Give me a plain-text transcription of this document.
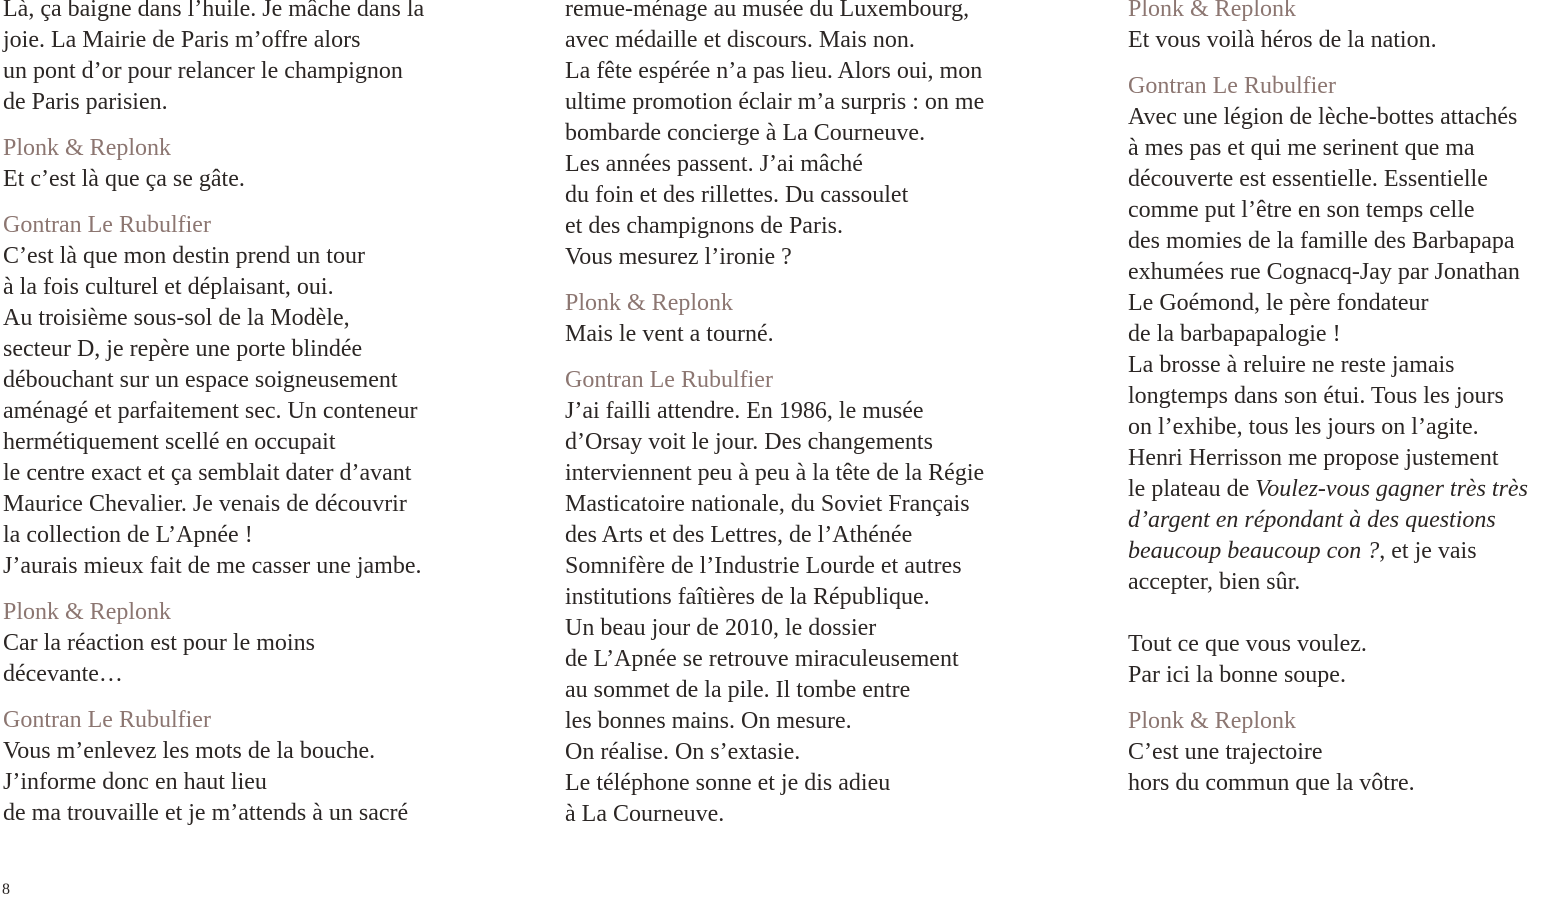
Là, ça baigne dans l’huile. Je mâche dans la
joie. La Mairie de Paris m’offre alors
un pont d’or pour relancer le champignon
de Paris parisien.
Plonk & Replonk
Et c’est là que ça se gâte.
Gontran Le Rubulfier
C’est là que mon destin prend un tour
à la fois culturel et déplaisant, oui.
Au troisième sous-sol de la Modèle,
secteur D, je repère une porte blindée
débouchant sur un espace soigneusement
aménagé et parfaitement sec. Un conteneur
hermétiquement scellé en occupait
le centre exact et ça semblait dater d’avant
Maurice Chevalier. Je venais de découvrir
la collection de L’Apnée !
J’aurais mieux fait de me casser une jambe.
Plonk & Replonk
Car la réaction est pour le moins
décevante…
Gontran Le Rubulfier
Vous m’enlevez les mots de la bouche.
J’informe donc en haut lieu
de ma trouvaille et je m’attends à un sacré
remue-ménage au musée du Luxembourg,
avec médaille et discours. Mais non.
La fête espérée n’a pas lieu. Alors oui, mon
ultime promotion éclair m’a surpris : on me
bombarde concierge à La Courneuve.
Les années passent. J’ai mâché
du foin et des rillettes. Du cassoulet
et des champignons de Paris.
Vous mesurez l’ironie ?
Plonk & Replonk
Mais le vent a tourné.
Gontran Le Rubulfier
J’ai failli attendre. En 1986, le musée
d’Orsay voit le jour. Des changements
interviennent peu à peu à la tête de la Régie
Masticatoire nationale, du Soviet Français
des Arts et des Lettres, de l’Athénée
Somnifère de l’Industrie Lourde et autres
institutions faîtières de la République.
Un beau jour de 2010, le dossier
de L’Apnée se retrouve miraculeusement
au sommet de la pile. Il tombe entre
les bonnes mains. On mesure.
On réalise. On s’extasie.
Le téléphone sonne et je dis adieu
à La Courneuve.
Plonk & Replonk
Et vous voilà héros de la nation.
Gontran Le Rubulfier
Avec une légion de lèche-bottes attachés
à mes pas et qui me serinent que ma
découverte est essentielle. Essentielle
comme put l’être en son temps celle
des momies de la famille des Barbapapa
exhumées rue Cognacq-Jay par Jonathan
Le Goémond, le père fondateur
de la barbapapalogie !
La brosse à reluire ne reste jamais
longtemps dans son étui. Tous les jours
on l’exhibe, tous les jours on l’agite.
Henri Herrisson me propose justement
le plateau de Voulez-vous gagner très très
d’argent en répondant à des questions
beaucoup beaucoup con ?, et je vais
accepter, bien sûr.
Tout ce que vous voulez.
Par ici la bonne soupe.
Plonk & Replonk
C’est une trajectoire
hors du commun que la vôtre.
8
